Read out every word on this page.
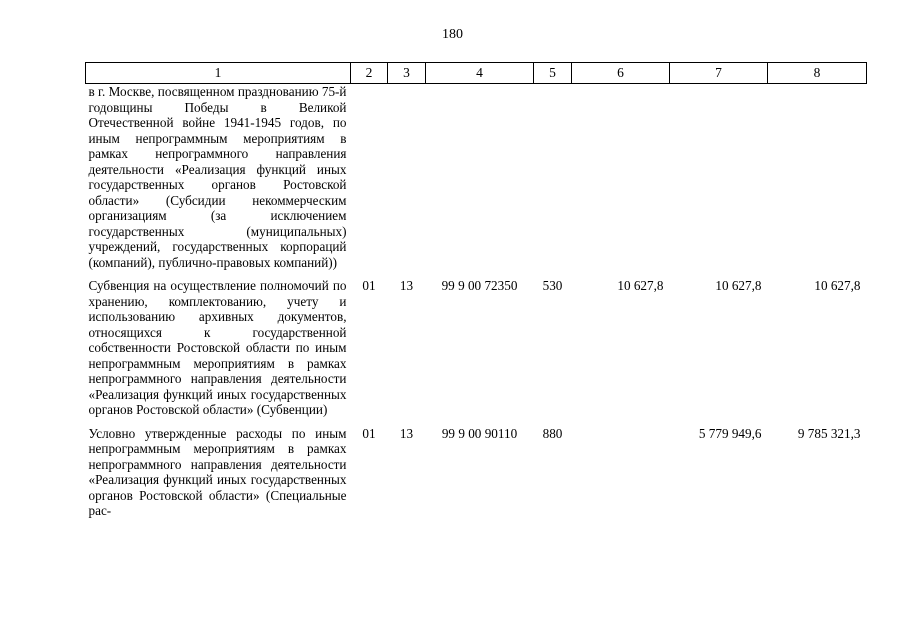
180
1	2	3	4	5	6	7	8
в г. Москве, посвященном празднованию 75-й годовщины Победы в Великой Отечественной войне 1941-1945 годов, по иным непрограммным мероприятиям в рамках непрограммного направления деятельности «Реализация функций иных государственных органов Ростовской области» (Субсидии некоммерческим организациям (за исключением государственных (муниципальных) учреждений, государственных корпораций (компаний), публично-правовых компаний))							
Субвенция на осуществление полномочий по хранению, комплектованию, учету и использованию архивных документов, относящихся к государственной собственности Ростовской области по иным непрограммным мероприятиям в рамках непрограммного направления деятельности «Реализация функций иных государственных органов Ростовской области» (Субвенции)	01	13	99 9 00 72350	530	10 627,8	10 627,8	10 627,8
Условно утвержденные расходы по иным непрограммным мероприятиям в рамках непрограммного направления деятельности «Реализация функций иных государственных органов Ростовской области» (Специальные рас-	01	13	99 9 00 90110	880		5 779 949,6	9 785 321,3
